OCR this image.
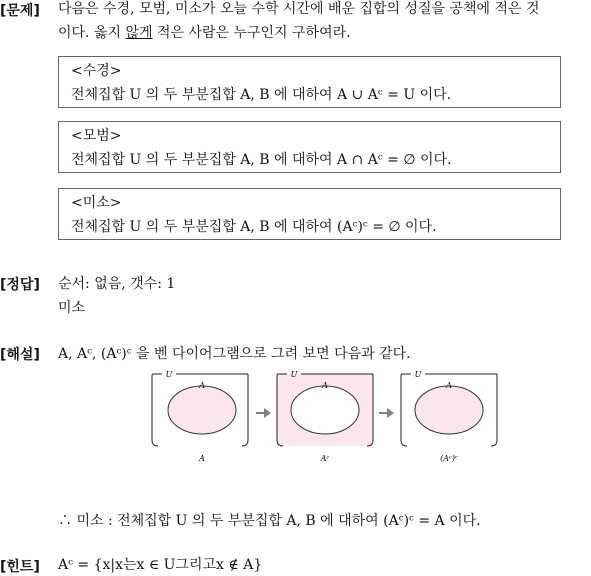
[문제] 다음은 수경, 모범, 미소가 오늘 수학 시간에 배운 집합의 성질을 공책에 적은 것
이다. 옳지 않게 적은 사람은 누구인지 구하여라.
<수경>
전체집합 U 의 두 부분집합 A, B 에 대하여 A ∪ Aᶜ = U 이다.
<모범>
전체집합 U 의 두 부분집합 A, B 에 대하여 A ∩ Aᶜ = ∅ 이다.
<미소>
전체집합 U 의 두 부분집합 A, B 에 대하여 (Aᶜ)ᶜ = ∅ 이다.
[정답] 순서: 없음, 갯수: 1
미소
[해설] A, Aᶜ, (Aᶜ)ᶜ 을 벤 다이어그램으로 그려 보면 다음과 같다.
U
A
A
U
A
Aᶜ
U
A
(Aᶜ)ᶜ
∴ 미소 : 전체집합 U 의 두 부분집합 A, B 에 대하여 (Aᶜ)ᶜ = A 이다.
[힌트] Aᶜ = {x|x는x ∈ U그리고x ∉ A}
